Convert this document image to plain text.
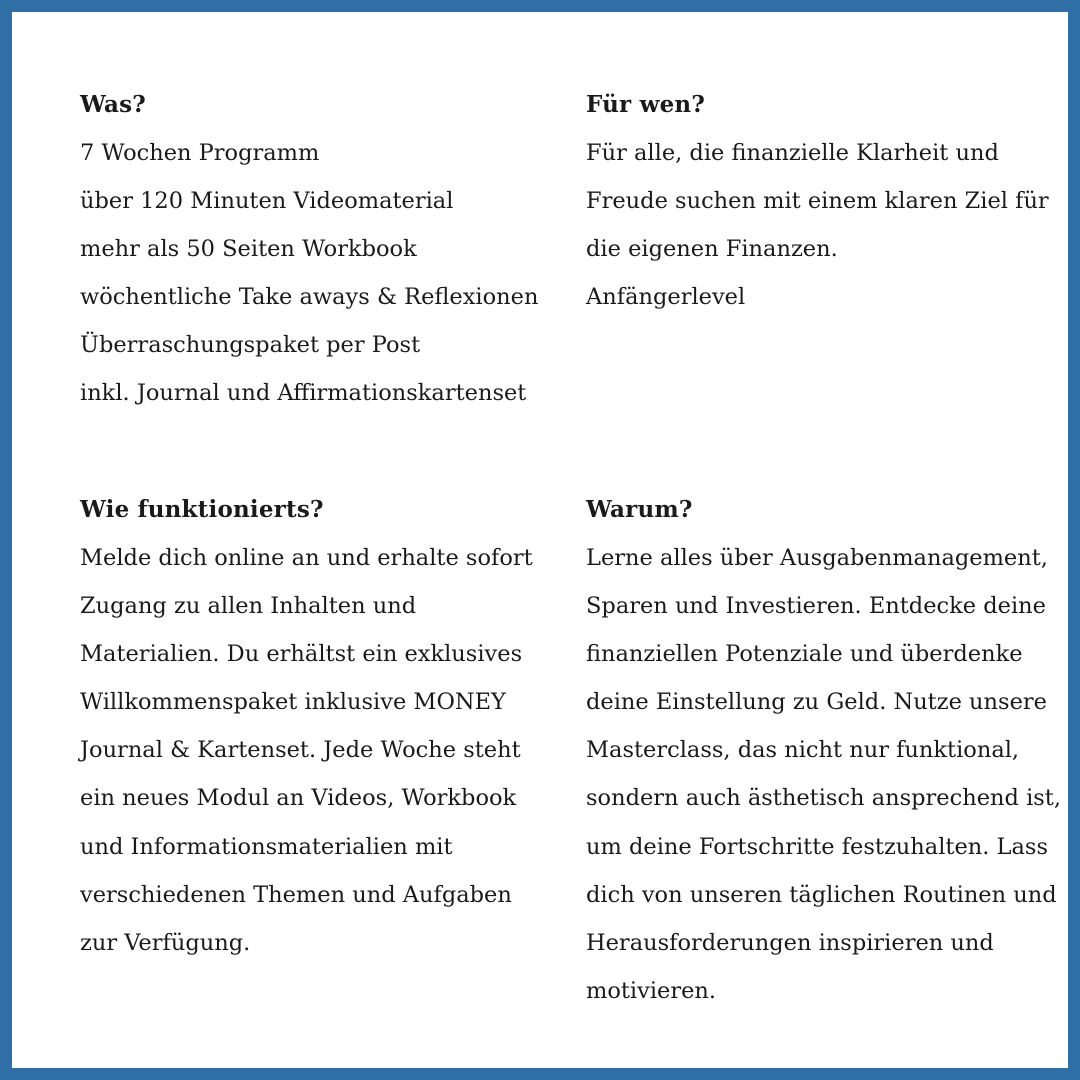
Was?
7 Wochen Programm
über 120 Minuten Videomaterial
mehr als 50 Seiten Workbook
wöchentliche Take aways & Reflexionen
Überraschungspaket per Post
inkl. Journal und Affirmationskartenset
Für wen?
Für alle, die finanzielle Klarheit und
Freude suchen mit einem klaren Ziel für
die eigenen Finanzen.
Anfängerlevel
Wie funktionierts?
Melde dich online an und erhalte sofort
Zugang zu allen Inhalten und
Materialien. Du erhältst ein exklusives
Willkommenspaket inklusive MONEY
Journal & Kartenset. Jede Woche steht
ein neues Modul an Videos, Workbook
und Informationsmaterialien mit
verschiedenen Themen und Aufgaben
zur Verfügung.
Warum?
Lerne alles über Ausgabenmanagement,
Sparen und Investieren. Entdecke deine
finanziellen Potenziale und überdenke
deine Einstellung zu Geld. Nutze unsere
Masterclass, das nicht nur funktional,
sondern auch ästhetisch ansprechend ist,
um deine Fortschritte festzuhalten. Lass
dich von unseren täglichen Routinen und
Herausforderungen inspirieren und
motivieren.
